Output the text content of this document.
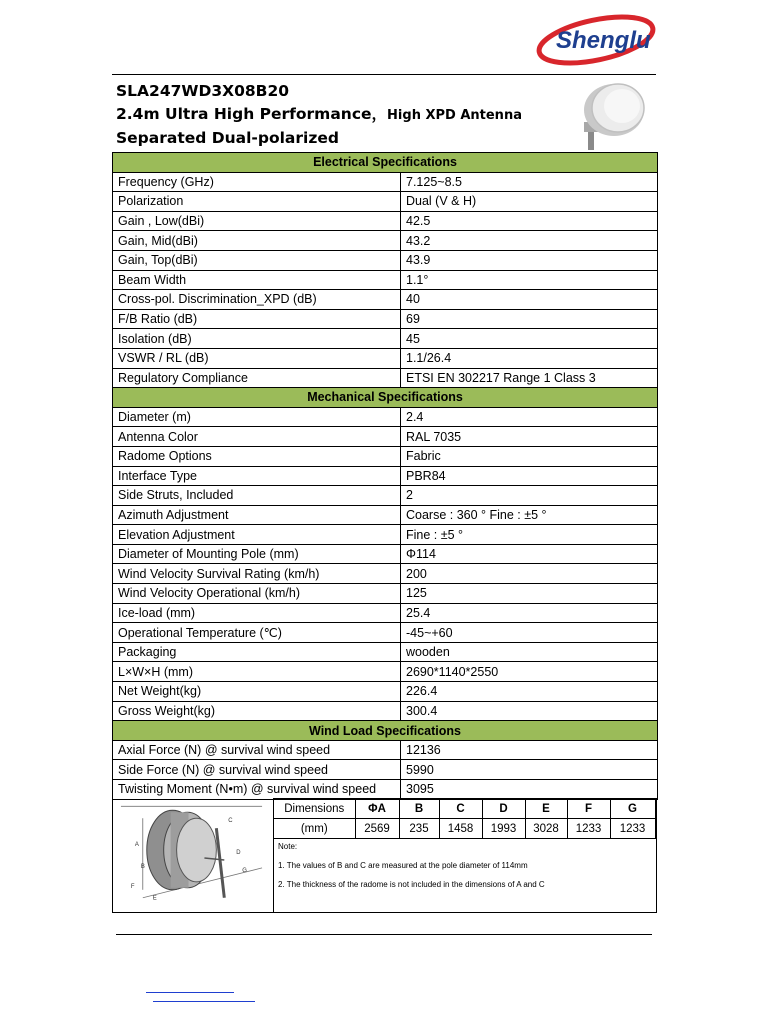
Shenglu
SLA247WD3X08B20
2.4m Ultra High Performance，High XPD Antenna
Separated Dual-polarized
Electrical Specifications	
Frequency (GHz)	7.125~8.5
Polarization	Dual (V & H)
Gain , Low(dBi)	42.5
Gain, Mid(dBi)	43.2
Gain, Top(dBi)	43.9
Beam Width	1.1°
Cross-pol. Discrimination_XPD (dB)	40
F/B Ratio (dB)	69
Isolation (dB)	45
VSWR / RL (dB)	1.1/26.4
Regulatory Compliance	ETSI EN 302217 Range 1 Class 3
Mechanical Specifications	
Diameter (m)	2.4
Antenna Color	RAL 7035
Radome Options	Fabric
Interface Type	PBR84
Side Struts, Included	2
Azimuth Adjustment	Coarse : 360 ° Fine : ±5 °
Elevation Adjustment	Fine : ±5 °
Diameter of Mounting Pole (mm)	Φ114
Wind Velocity Survival Rating (km/h)	200
Wind Velocity Operational (km/h)	125
Ice-load (mm)	25.4
Operational Temperature (℃)	-45~+60
Packaging	wooden
L×W×H (mm)	2690*1140*2550
Net Weight(kg)	226.4
Gross Weight(kg)	300.4
Wind Load Specifications	
Axial Force (N) @ survival wind speed	12136
Side Force (N) @ survival wind speed	5990
Twisting Moment (N•m) @ survival wind speed	3095
A
B
C
D
E
F
G
Dimensions	ΦA	B	C	D	E	F	G
(mm)	2569	235	1458	1993	3028	1233	1233
Note:
1. The values of B and C are measured at the pole diameter of 114mm
2. The thickness of the radome is not included in the dimensions of A and C
